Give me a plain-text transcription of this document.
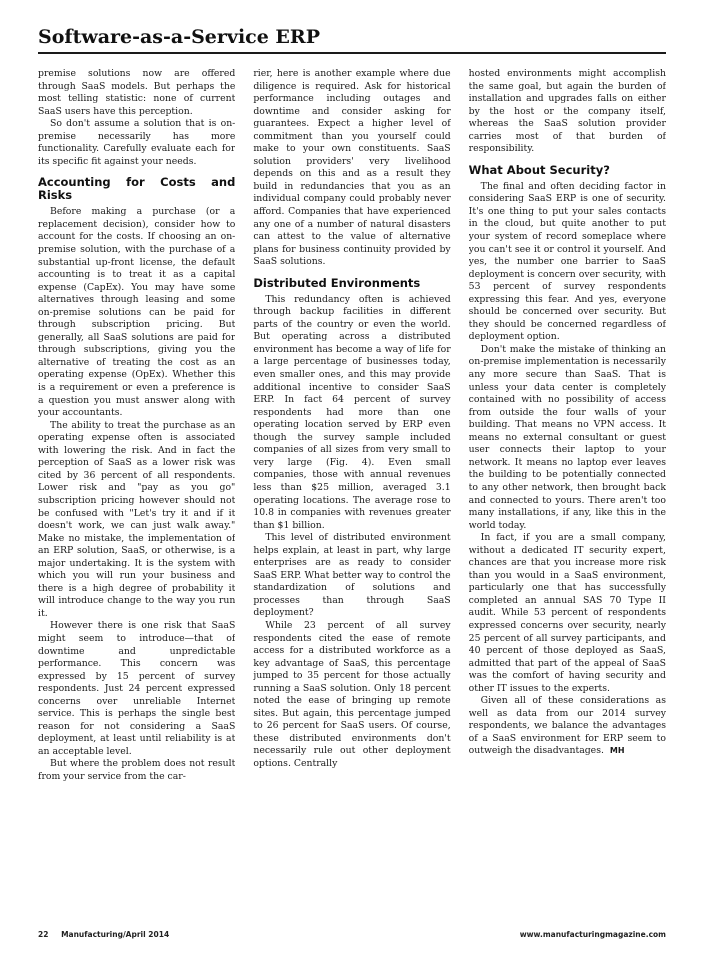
Software-as-a-Service ERP

premise solutions now are offered through SaaS models. But perhaps the most telling statistic: none of current SaaS users have this perception.

So don't assume a solution that is on-premise necessarily has more functionality. Carefully evaluate each for its specific fit against your needs.

Accounting for Costs and Risks

Before making a purchase (or a replacement decision), consider how to account for the costs. If choosing an on-premise solution, with the purchase of a substantial up-front license, the default accounting is to treat it as a capital expense (CapEx). You may have some alternatives through leasing and some on-premise solutions can be paid for through subscription pricing. But generally, all SaaS solutions are paid for through subscriptions, giving you the alternative of treating the cost as an operating expense (OpEx). Whether this is a requirement or even a preference is a question you must answer along with your accountants.

The ability to treat the purchase as an operating expense often is associated with lowering the risk. And in fact the perception of SaaS as a lower risk was cited by 36 percent of all respondents. Lower risk and "pay as you go" subscription pricing however should not be confused with "Let's try it and if it doesn't work, we can just walk away." Make no mistake, the implementation of an ERP solution, SaaS, or otherwise, is a major undertaking. It is the system with which you will run your business and there is a high degree of probability it will introduce change to the way you run it.

However there is one risk that SaaS might seem to introduce—that of downtime and unpredictable performance. This concern was expressed by 15 percent of survey respondents. Just 24 percent expressed concerns over unreliable Internet service. This is perhaps the single best reason for not considering a SaaS deployment, at least until reliability is at an acceptable level.

But where the problem does not result from your service from the car-

rier, here is another example where due diligence is required. Ask for historical performance including outages and downtime and consider asking for guarantees. Expect a higher level of commitment than you yourself could make to your own constituents. SaaS solution providers' very livelihood depends on this and as a result they build in redundancies that you as an individual company could probably never afford. Companies that have experienced any one of a number of natural disasters can attest to the value of alternative plans for business continuity provided by SaaS solutions.

Distributed Environments

This redundancy often is achieved through backup facilities in different parts of the country or even the world. But operating across a distributed environment has become a way of life for a large percentage of businesses today, even smaller ones, and this may provide additional incentive to consider SaaS ERP. In fact 64 percent of survey respondents had more than one operating location served by ERP even though the survey sample included companies of all sizes from very small to very large (Fig. 4). Even small companies, those with annual revenues less than $25 million, averaged 3.1 operating locations. The average rose to 10.8 in companies with revenues greater than $1 billion.

This level of distributed environment helps explain, at least in part, why large enterprises are as ready to consider SaaS ERP. What better way to control the standardization of solutions and processes than through SaaS deployment?

While 23 percent of all survey respondents cited the ease of remote access for a distributed workforce as a key advantage of SaaS, this percentage jumped to 35 percent for those actually running a SaaS solution. Only 18 percent noted the ease of bringing up remote sites. But again, this percentage jumped to 26 percent for SaaS users. Of course, these distributed environments don't necessarily rule out other deployment options. Centrally

hosted environments might accomplish the same goal, but again the burden of installation and upgrades falls on either by the host or the company itself, whereas the SaaS solution provider carries most of that burden of responsibility.

What About Security?

The final and often deciding factor in considering SaaS ERP is one of security. It's one thing to put your sales contacts in the cloud, but quite another to put your system of record someplace where you can't see it or control it yourself. And yes, the number one barrier to SaaS deployment is concern over security, with 53 percent of survey respondents expressing this fear. And yes, everyone should be concerned over security. But they should be concerned regardless of deployment option.

Don't make the mistake of thinking an on-premise implementation is necessarily any more secure than SaaS. That is unless your data center is completely contained with no possibility of access from outside the four walls of your building. That means no VPN access. It means no external consultant or guest user connects their laptop to your network. It means no laptop ever leaves the building to be potentially connected to any other network, then brought back and connected to yours. There aren't too many installations, if any, like this in the world today.

In fact, if you are a small company, without a dedicated IT security expert, chances are that you increase more risk than you would in a SaaS environment, particularly one that has successfully completed an annual SAS 70 Type II audit. While 53 percent of respondents expressed concerns over security, nearly 25 percent of all survey participants, and 40 percent of those deployed as SaaS, admitted that part of the appeal of SaaS was the comfort of having security and other IT issues to the experts.

Given all of these considerations as well as data from our 2014 survey respondents, we balance the advantages of a SaaS environment for ERP seem to outweigh the disadvantages. MH

22 Manufacturing/April 2014	www.manufacturingmagazine.com
